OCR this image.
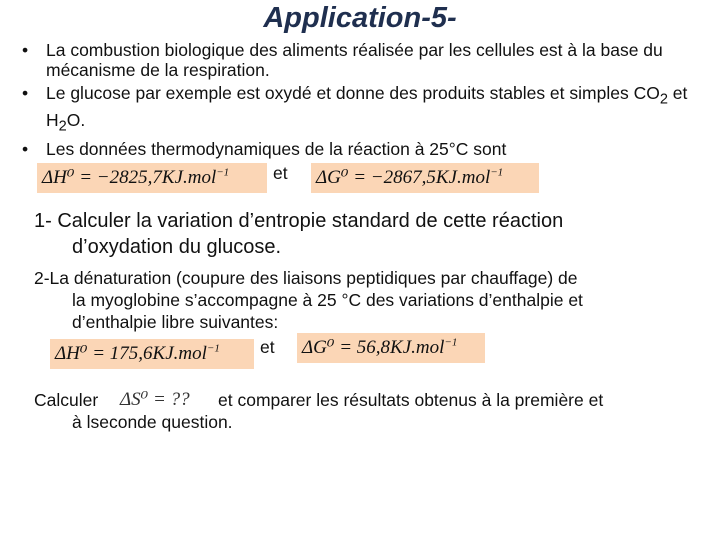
Application-5-
• La combustion biologique des aliments réalisée par les cellules est à la base du mécanisme de la respiration.
• Le glucose par exemple est oxydé et donne des produits stables et simples $CO_2$ et $H_2O$.
• Les données thermodynamiques de la réaction à 25°C sont
ΔH⁰ = −2825,7KJ.mol$^{-1}$	et ΔG⁰ = −2867,5KJ.mol$^{-1}$
1- Calculer la variation d’entropie standard de cette réaction
d’oxydation du glucose.
2-La dénaturation (coupure des liaisons peptidiques par chauffage) de
la myoglobine s’accompagne à 25 °C des variations d’enthalpie et
d’enthalpie libre suivantes:
ΔH⁰ = 175,6KJ.mol$^{-1}$	et ΔG⁰ = 56,8KJ.mol$^{-1}$
Calculer ΔS⁰ = ?? et comparer les résultats obtenus à la première et
à lseconde question.
